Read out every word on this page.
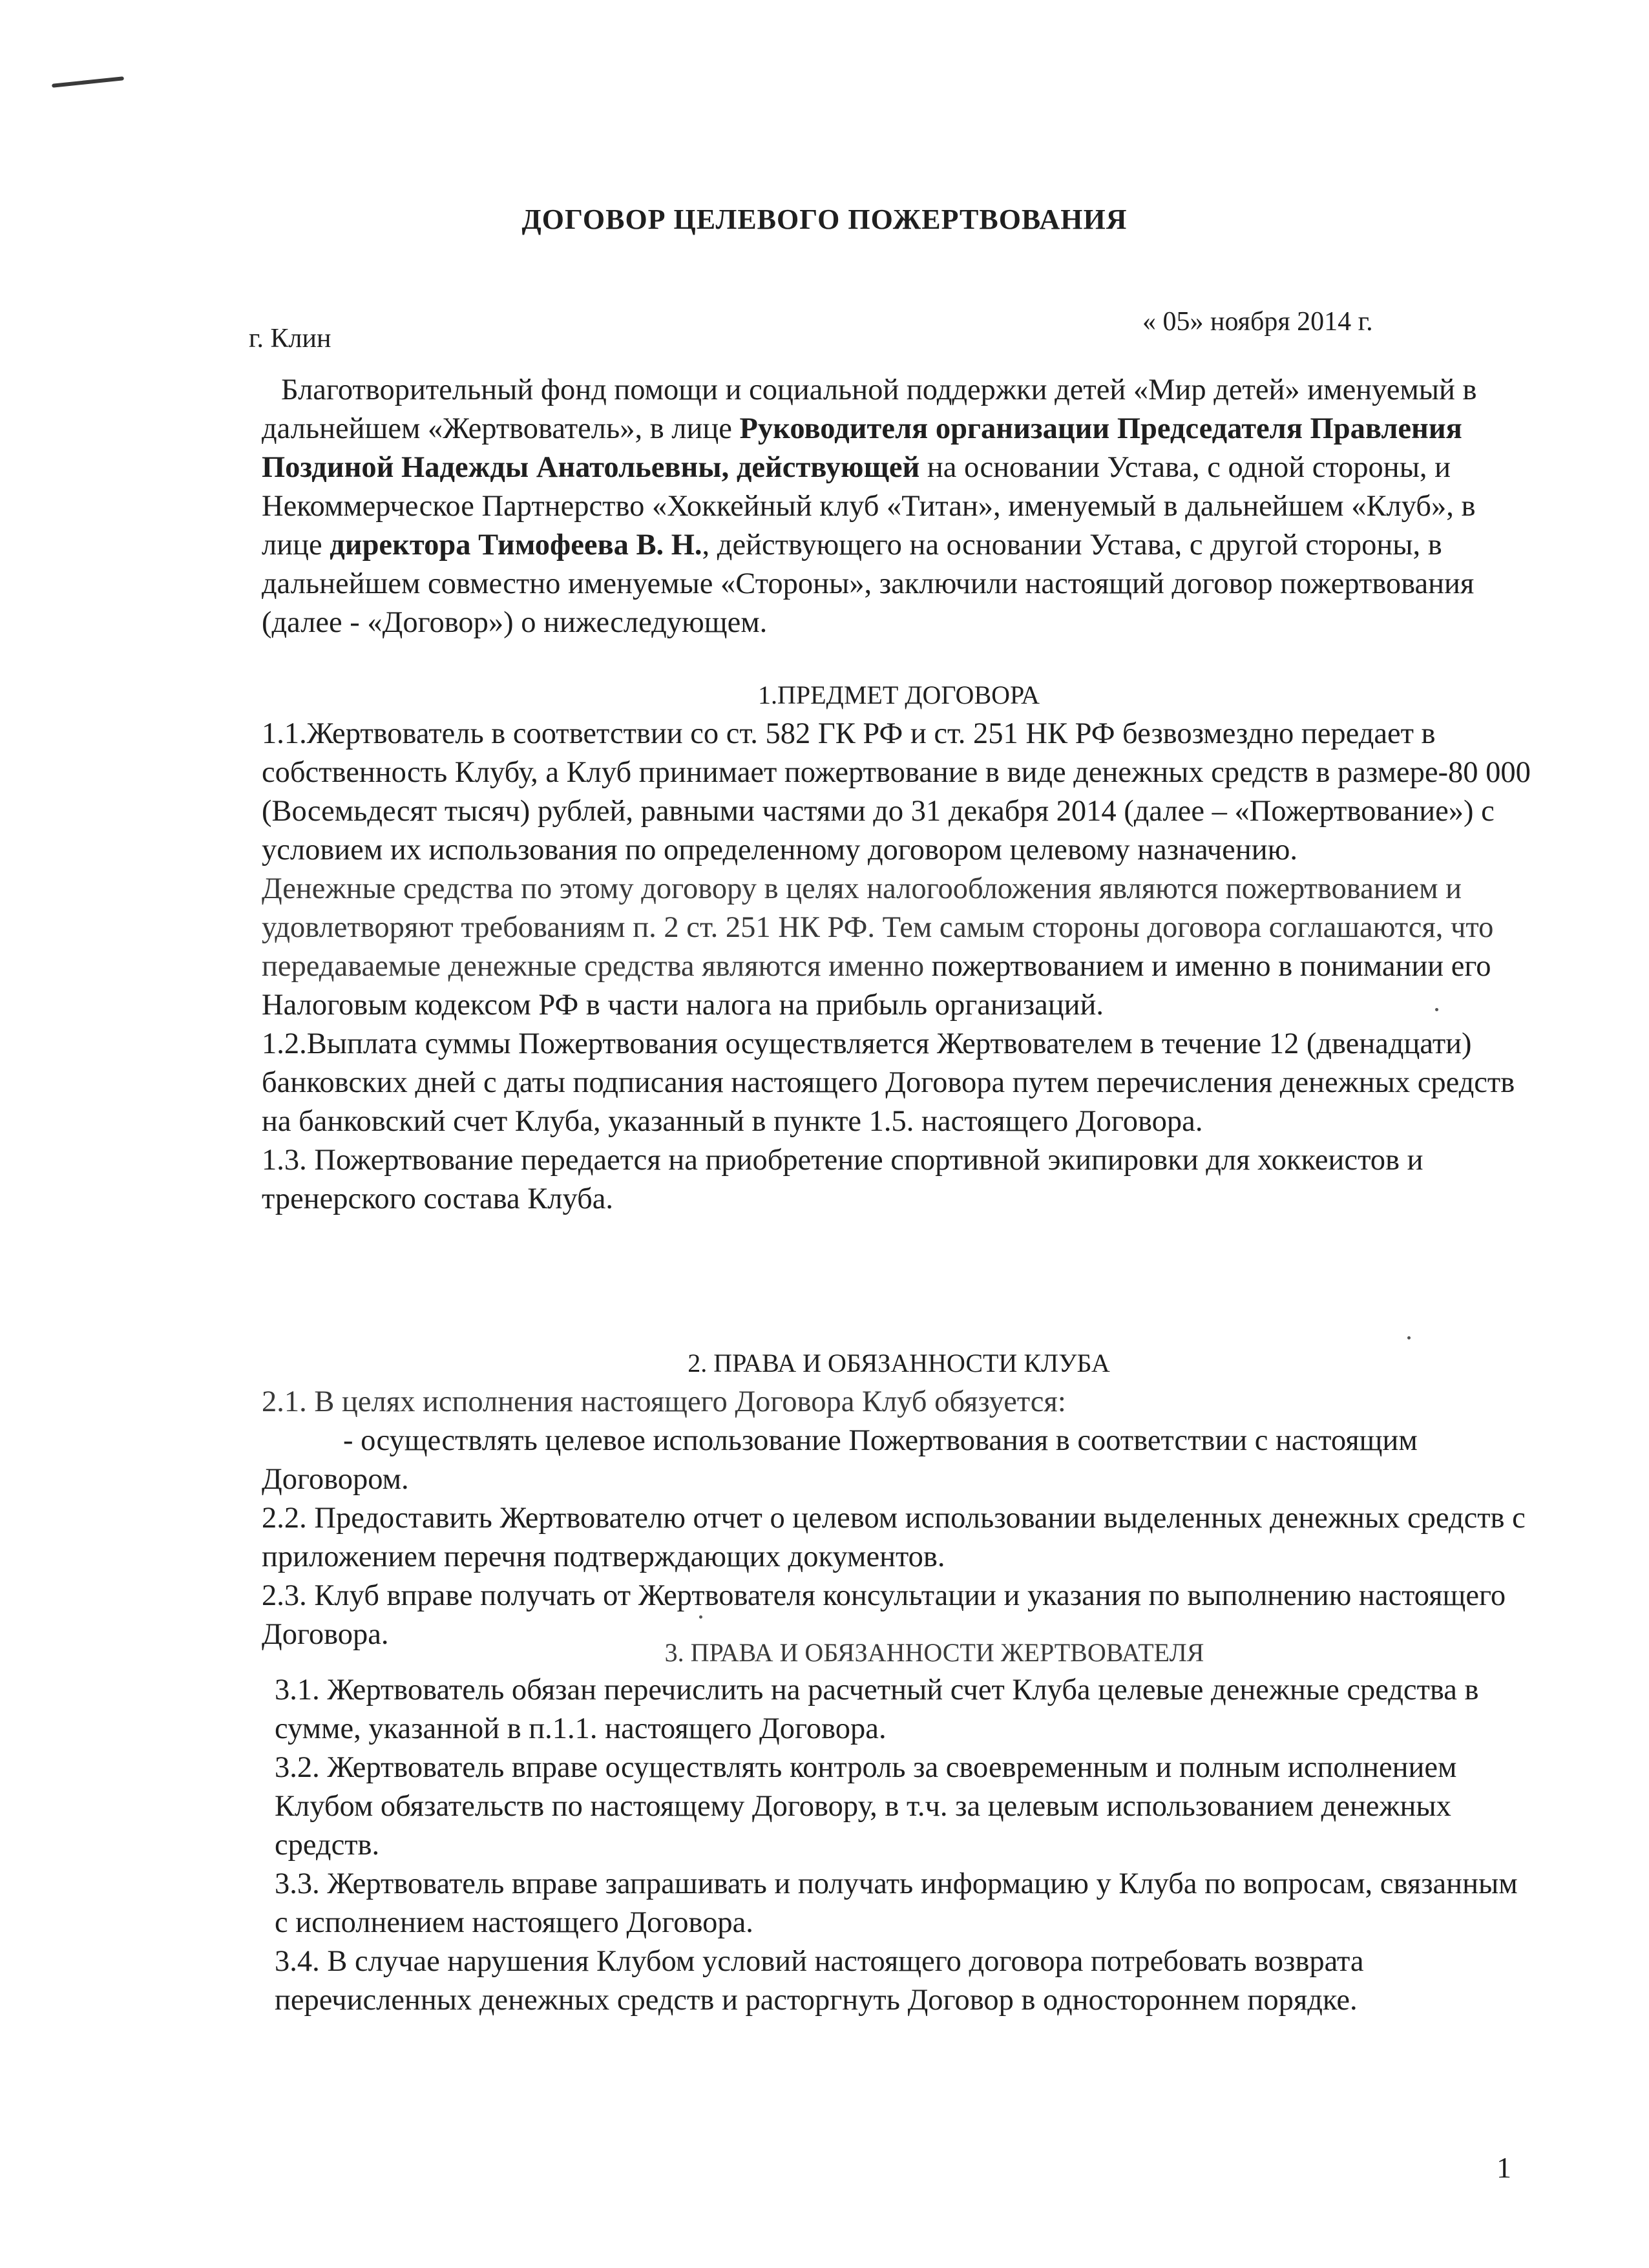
ДОГОВОР ЦЕЛЕВОГО ПОЖЕРТВОВАНИЯ
г. Клин
« 05» ноября 2014 г.

Благотворительный фонд помощи и социальной поддержки детей «Мир детей» именуемый в дальнейшем «Жертвователь», в лице Руководителя организации Председателя Правления Поздиной Надежды Анатольевны, действующей на основании Устава, с одной стороны, и Некоммерческое Партнерство «Хоккейный клуб «Титан», именуемый в дальнейшем «Клуб», в лице директора Тимофеева В. Н., действующего на основании Устава, с другой стороны, в дальнейшем совместно именуемые «Стороны», заключили настоящий договор пожертвования (далее - «Договор») о нижеследующем.

1.ПРЕДМЕТ ДОГОВОРА

1.1.Жертвователь в соответствии со ст. 582 ГК РФ и ст. 251 НК РФ безвозмездно передает в собственность Клубу, а Клуб принимает пожертвование в виде денежных средств в размере-80 000 (Восемьдесят тысяч) рублей, равными частями до 31 декабря 2014 (далее – «Пожертвование») с условием их использования по определенному договором целевому назначению.

Денежные средства по этому договору в целях налогообложения являются пожертвованием и удовлетворяют требованиям п. 2 ст. 251 НК РФ. Тем самым стороны договора соглашаются, что передаваемые денежные средства являются именно пожертвованием и именно в понимании его Налоговым кодексом РФ в части налога на прибыль организаций.

1.2.Выплата суммы Пожертвования осуществляется Жертвователем в течение 12 (двенадцати) банковских дней с даты подписания настоящего Договора путем перечисления денежных средств на банковский счет Клуба, указанный в пункте 1.5. настоящего Договора.

1.3. Пожертвование передается на приобретение спортивной экипировки для хоккеистов и тренерского состава Клуба.

2. ПРАВА И ОБЯЗАННОСТИ КЛУБА

2.1. В целях исполнения настоящего Договора Клуб обязуется:

- осуществлять целевое использование Пожертвования в соответствии с настоящим

Договором.

2.2. Предоставить Жертвователю отчет о целевом использовании выделенных денежных средств с приложением перечня подтверждающих документов.

2.3. Клуб вправе получать от Жертвователя консультации и указания по выполнению настоящего Договора.

3. ПРАВА И ОБЯЗАННОСТИ ЖЕРТВОВАТЕЛЯ

3.1. Жертвователь обязан перечислить на расчетный счет Клуба целевые денежные средства в сумме, указанной в п.1.1. настоящего Договора.

3.2. Жертвователь вправе осуществлять контроль за своевременным и полным исполнением Клубом обязательств по настоящему Договору, в т.ч. за целевым использованием денежных средств.

3.3. Жертвователь вправе запрашивать и получать информацию у Клуба по вопросам, связанным с исполнением настоящего Договора.

3.4. В случае нарушения Клубом условий настоящего договора потребовать возврата перечисленных денежных средств и расторгнуть Договор в одностороннем порядке.

1
